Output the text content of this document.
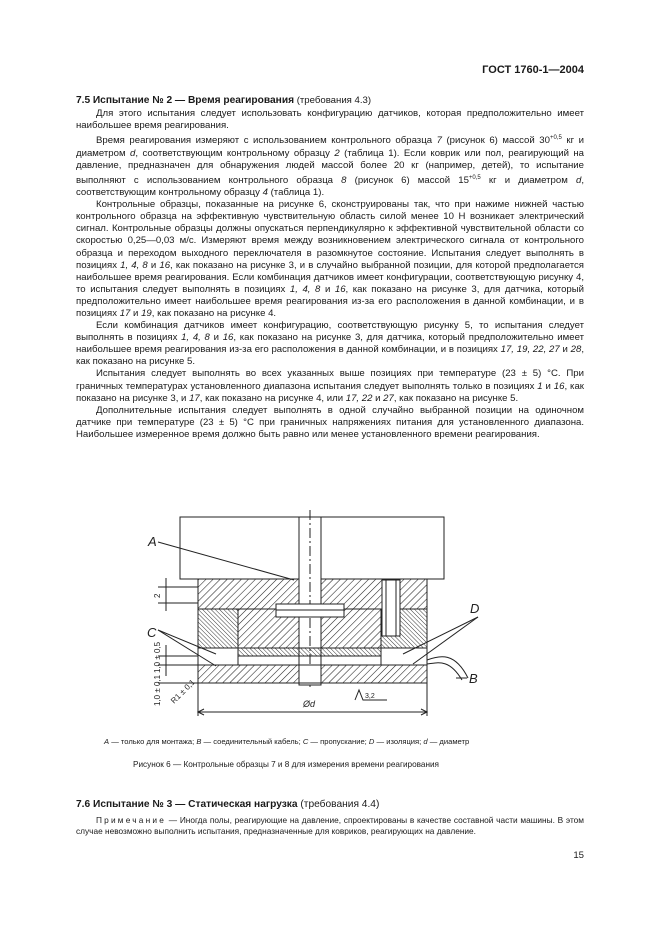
ГОСТ 1760-1—2004

7.5 Испытание № 2 — Время реагирования (требования 4.3)

Для этого испытания следует использовать конфигурацию датчиков, которая предположительно имеет наибольшее время реагирования.

Время реагирования измеряют с использованием контрольного образца 7 (рисунок 6) массой $30^{+0,5}$ кг и диаметром d, соответствующим контрольному образцу 2 (таблица 1). Если коврик или пол, реагирующий на давление, предназначен для обнаружения людей массой более 20 кг (например, детей), то испытание выполняют с использованием контрольного образца 8 (рисунок 6) массой $15^{+0,5}$ кг и диаметром d, соответствующим контрольному образцу 4 (таблица 1).

Контрольные образцы, показанные на рисунке 6, сконструированы так, что при нажиме нижней частью контрольного образца на эффективную чувствительную область силой менее 10 Н возникает электрический сигнал. Контрольные образцы должны опускаться перпендикулярно к эффективной чувствительной области со скоростью 0,25—0,03 м/с. Измеряют время между возникновением электрического сигнала от контрольного образца и переходом выходного переключателя в разомкнутое состояние. Испытания следует выполнять в позициях 1, 4, 8 и 16, как показано на рисунке 3, и в случайно выбранной позиции, для которой предполагается наибольшее время реагирования. Если комбинация датчиков имеет конфигурации, соответствующую рисунку 4, то испытания следует выполнять в позициях 1, 4, 8 и 16, как показано на рисунке 3, для датчика, который предположительно имеет наибольшее время реагирования из-за его расположения в данной комбинации, и в позициях 17 и 19, как показано на рисунке 4.

Если комбинация датчиков имеет конфигурацию, соответствующую рисунку 5, то испытания следует выполнять в позициях 1, 4, 8 и 16, как показано на рисунке 3, для датчика, который предположительно имеет наибольшее время реагирования из-за его расположения в данной комбинации, и в позициях 17, 19, 22, 27 и 28, как показано на рисунке 5.

Испытания следует выполнять во всех указанных выше позициях при температуре (23 ± 5) °С. При граничных температурах установленного диапазона испытания следует выполнять только в позициях 1 и 16, как показано на рисунке 3, и 17, как показано на рисунке 4, или 17, 22 и 27, как показано на рисунке 5.

Дополнительные испытания следует выполнять в одной случайно выбранной позиции на одиночном датчике при температуре (23 ± 5) °С при граничных напряжениях питания для установленного диапазона. Наибольшее измеренное время должно быть равно или менее установленного времени реагирования.

A
C
D
B
Ød
2
1,0 ± 0,5
1,0 ± 0,1 R1 ± 0,1	3,2
A — только для монтажа; B — соединительный кабель; C — пропускание; D — изоляция; d — диаметр
Рисунок 6 — Контрольные образцы 7 и 8 для измерения времени реагирования
7.6 Испытание № 3 — Статическая нагрузка (требования 4.4)

Примечание — Иногда полы, реагирующие на давление, спроектированы в качестве составной части машины. В этом случае невозможно выполнить испытания, предназначенные для ковриков, реагирующих на давление.

15
